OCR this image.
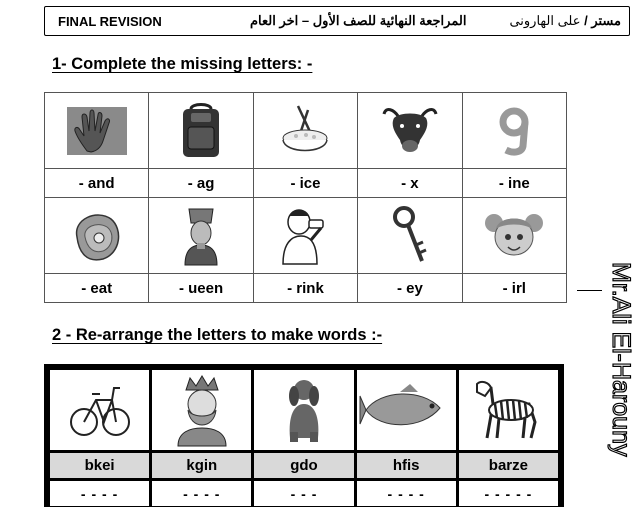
FINAL REVISION	المراجعة النهائية للصف الأول – اخر العام	مستر / على الهارونى
1- Complete the missing letters: -

- and	- ag	- ice	- x	- ine

- eat	- ueen	- rink	- ey	- irl
2 - Re-arrange the letters to make words :-
bkei	kgin	gdo	hfis	barze
- - - -	- - - -	- - -	- - - -	- - - - -
Mr.Ali El-Harouny
